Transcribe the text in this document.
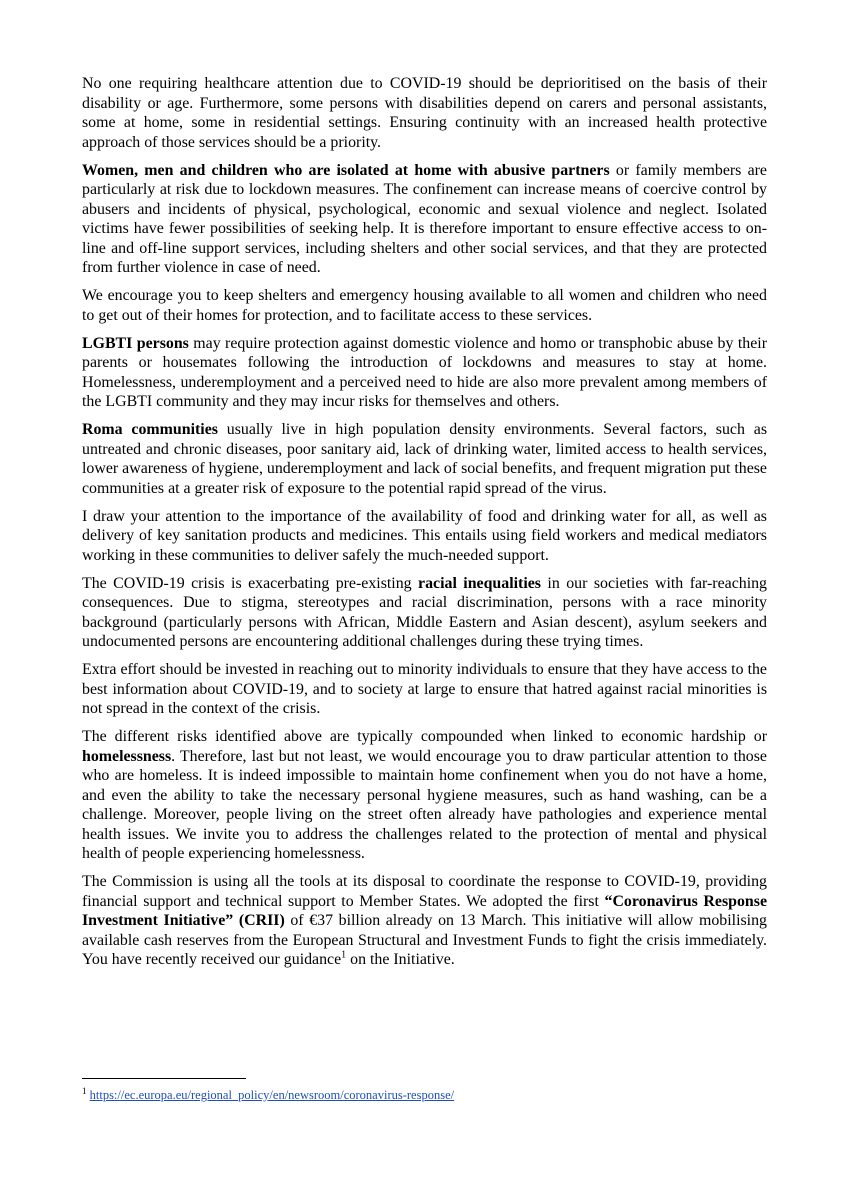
No one requiring healthcare attention due to COVID-19 should be deprioritised on the basis of their disability or age. Furthermore, some persons with disabilities depend on carers and personal assistants, some at home, some in residential settings. Ensuring continuity with an increased health protective approach of those services should be a priority.

Women, men and children who are isolated at home with abusive partners or family members are particularly at risk due to lockdown measures. The confinement can increase means of coercive control by abusers and incidents of physical, psychological, economic and sexual violence and neglect. Isolated victims have fewer possibilities of seeking help. It is therefore important to ensure effective access to on-line and off-line support services, including shelters and other social services, and that they are protected from further violence in case of need.

We encourage you to keep shelters and emergency housing available to all women and children who need to get out of their homes for protection, and to facilitate access to these services.

LGBTI persons may require protection against domestic violence and homo or transphobic abuse by their parents or housemates following the introduction of lockdowns and measures to stay at home. Homelessness, underemployment and a perceived need to hide are also more prevalent among members of the LGBTI community and they may incur risks for themselves and others.

Roma communities usually live in high population density environments. Several factors, such as untreated and chronic diseases, poor sanitary aid, lack of drinking water, limited access to health services, lower awareness of hygiene, underemployment and lack of social benefits, and frequent migration put these communities at a greater risk of exposure to the potential rapid spread of the virus.

I draw your attention to the importance of the availability of food and drinking water for all, as well as delivery of key sanitation products and medicines. This entails using field workers and medical mediators working in these communities to deliver safely the much-needed support.

The COVID-19 crisis is exacerbating pre-existing racial inequalities in our societies with far-reaching consequences. Due to stigma, stereotypes and racial discrimination, persons with a race minority background (particularly persons with African, Middle Eastern and Asian descent), asylum seekers and undocumented persons are encountering additional challenges during these trying times.

Extra effort should be invested in reaching out to minority individuals to ensure that they have access to the best information about COVID-19, and to society at large to ensure that hatred against racial minorities is not spread in the context of the crisis.

The different risks identified above are typically compounded when linked to economic hardship or homelessness. Therefore, last but not least, we would encourage you to draw particular attention to those who are homeless. It is indeed impossible to maintain home confinement when you do not have a home, and even the ability to take the necessary personal hygiene measures, such as hand washing, can be a challenge. Moreover, people living on the street often already have pathologies and experience mental health issues. We invite you to address the challenges related to the protection of mental and physical health of people experiencing homelessness.

The Commission is using all the tools at its disposal to coordinate the response to COVID-19, providing financial support and technical support to Member States. We adopted the first “Coronavirus Response Investment Initiative” (CRII) of €37 billion already on 13 March. This initiative will allow mobilising available cash reserves from the European Structural and Investment Funds to fight the crisis immediately. You have recently received our guidance$^1$ on the Initiative.

$^1$ https://ec.europa.eu/regional_policy/en/newsroom/coronavirus-response/
